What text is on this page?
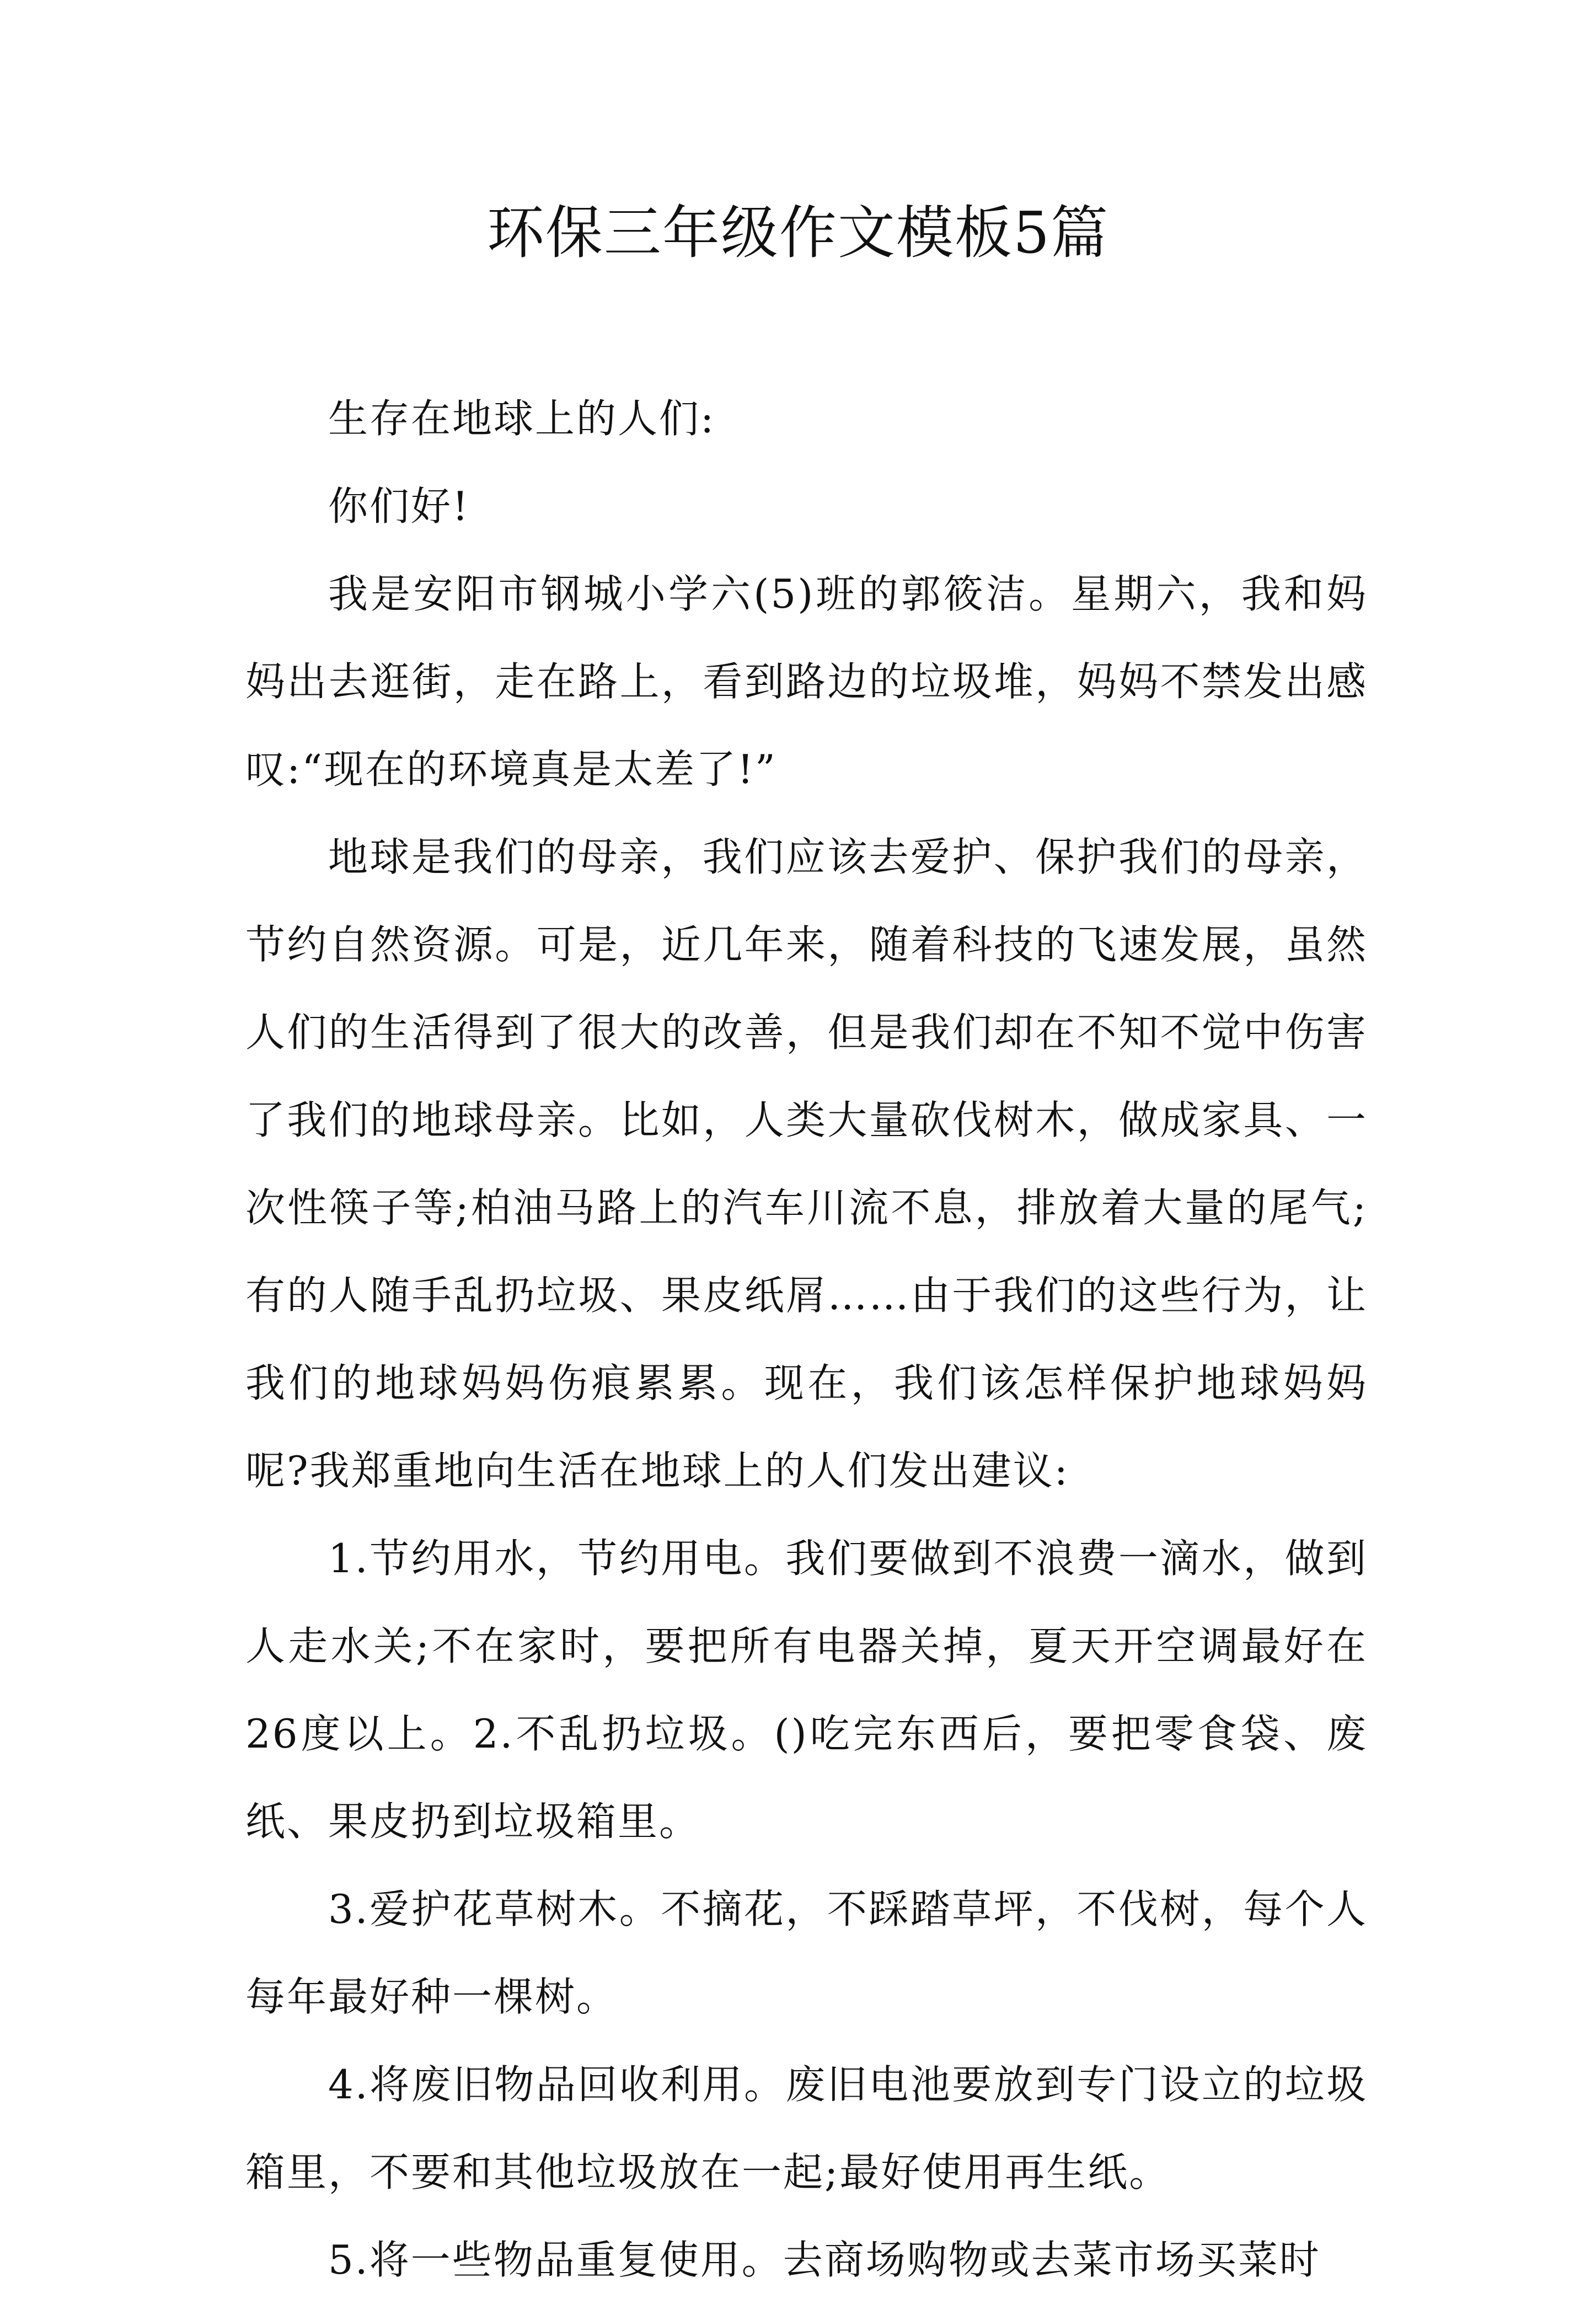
环保三年级作文模板5篇

生存在地球上的人们:

你们好!

我是安阳市钢城小学六(5)班的郭筱洁。星期六，我和妈妈出去逛街，走在路上，看到路边的垃圾堆，妈妈不禁发出感叹:“现在的环境真是太差了!”

地球是我们的母亲，我们应该去爱护、保护我们的母亲，节约自然资源。可是，近几年来，随着科技的飞速发展，虽然人们的生活得到了很大的改善，但是我们却在不知不觉中伤害了我们的地球母亲。比如，人类大量砍伐树木，做成家具、一次性筷子等;柏油马路上的汽车川流不息，排放着大量的尾气;有的人随手乱扔垃圾、果皮纸屑……由于我们的这些行为，让我们的地球妈妈伤痕累累。现在，我们该怎样保护地球妈妈呢?我郑重地向生活在地球上的人们发出建议:

1.节约用水，节约用电。我们要做到不浪费一滴水，做到人走水关;不在家时，要把所有电器关掉，夏天开空调最好在26度以上。2.不乱扔垃圾。()吃完东西后，要把零食袋、废纸、果皮扔到垃圾箱里。

3.爱护花草树木。不摘花，不踩踏草坪，不伐树，每个人每年最好种一棵树。

4.将废旧物品回收利用。废旧电池要放到专门设立的垃圾箱里，不要和其他垃圾放在一起;最好使用再生纸。

5.将一些物品重复使用。去商场购物或去菜市场买菜时
